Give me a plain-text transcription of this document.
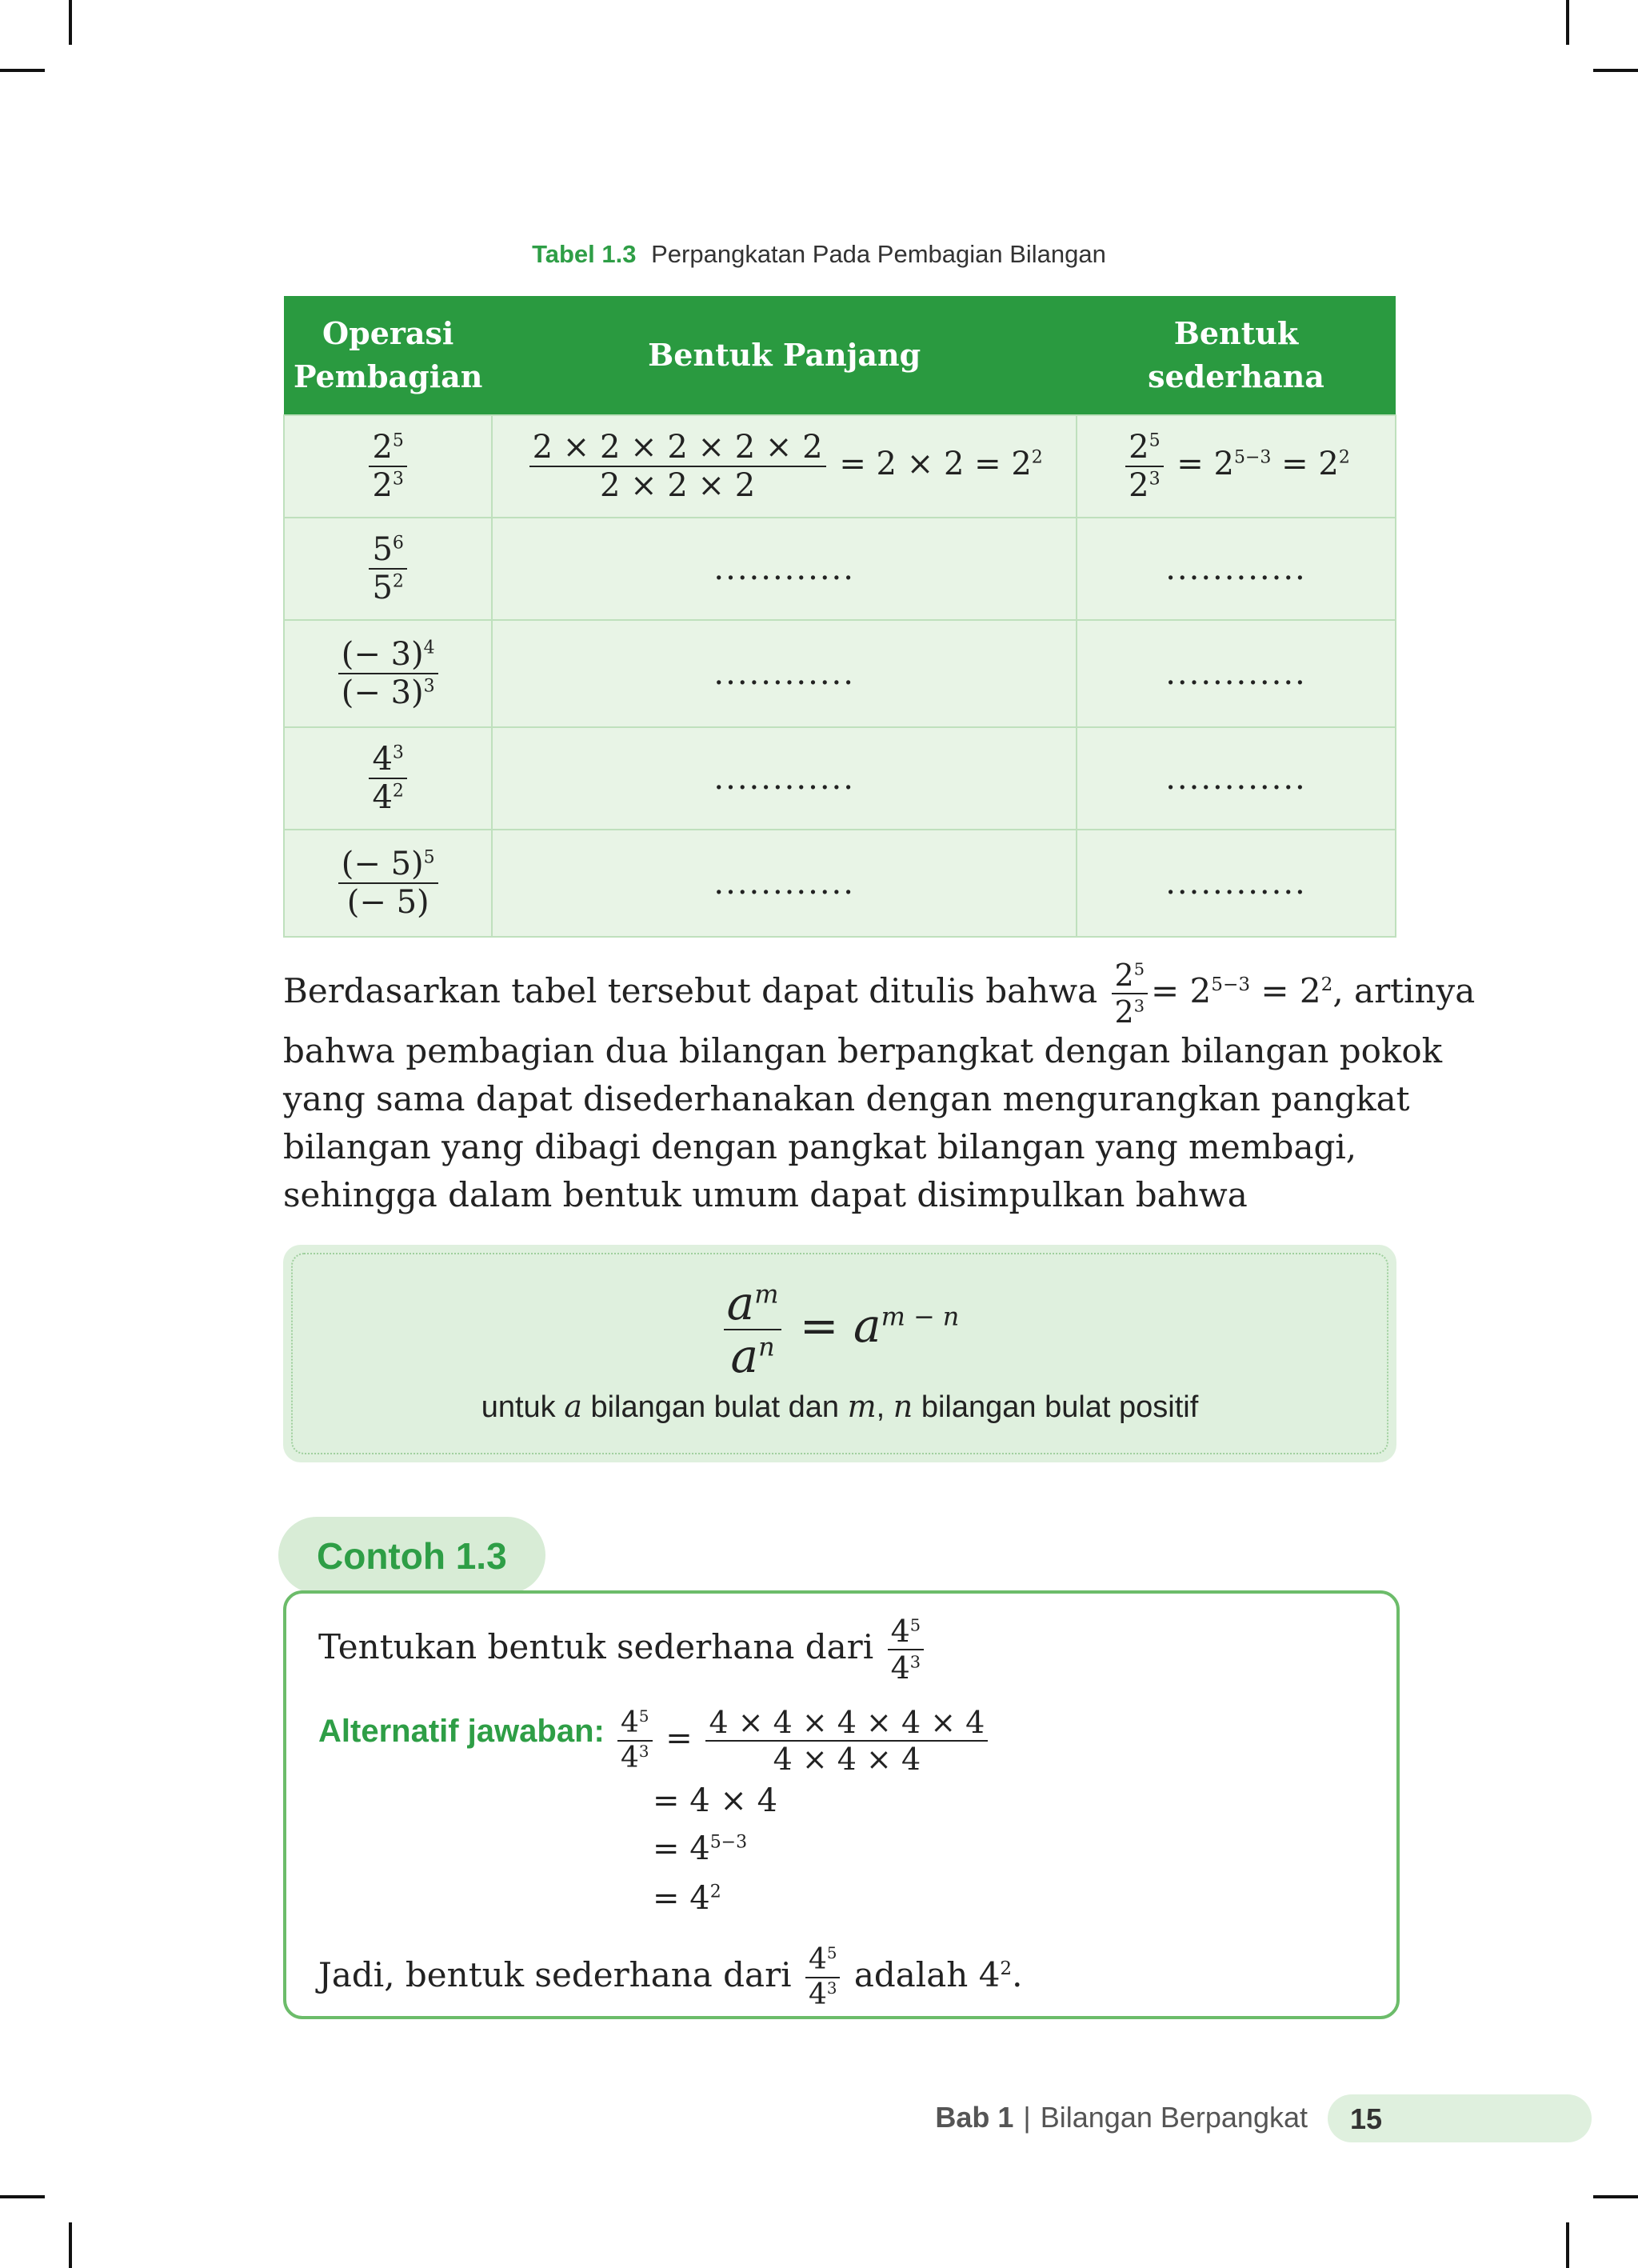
Tabel 1.3 Perpangkatan Pada Pembagian Bilangan
Operasi
Pembagian	Bentuk Panjang	Bentuk sederhana

$\frac{2^5}{2^3}$	$\frac{2 \times 2 \times 2 \times 2 \times 2}{2 \times 2 \times 2} = 2 \times 2 = 2^2$	$\frac{2^5}{2^3} = 2^{5-3} = 2^2$

$\frac{5^6}{5^2}$	............	............

$\frac{(- 3)^4}{(- 3)^3}$	............	............

$\frac{4^3}{4^2}$	............	............

$\frac{(- 5)^5}{(- 5)}$	............	............
Berdasarkan tabel tersebut dapat ditulis bahwa $\frac{2^5}{2^3} = 2^{5-3} = 2^2$, artinya
bahwa pembagian dua bilangan berpangkat dengan bilangan pokok
yang sama dapat disederhanakan dengan mengurangkan pangkat
bilangan yang dibagi dengan pangkat bilangan yang membagi,
sehingga dalam bentuk umum dapat disimpulkan bahwa
$\frac{a^m}{a^n} = a^{m - n}$
untuk a bilangan bulat dan m, n bilangan bulat positif
Contoh 1.3
Tentukan bentuk sederhana dari $\frac{4^5}{4^3}$
Alternatif jawaban: $\frac{4^5}{4^3} = \frac{4 \times 4 \times 4 \times 4 \times 4}{4 \times 4 \times 4}$
= 4 × 4
= $4^{5-3}$
= $4^2$
Jadi, bentuk sederhana dari $\frac{4^5}{4^3}$ adalah $4^2$.
Bab 1 | Bilangan Berpangkat 15
